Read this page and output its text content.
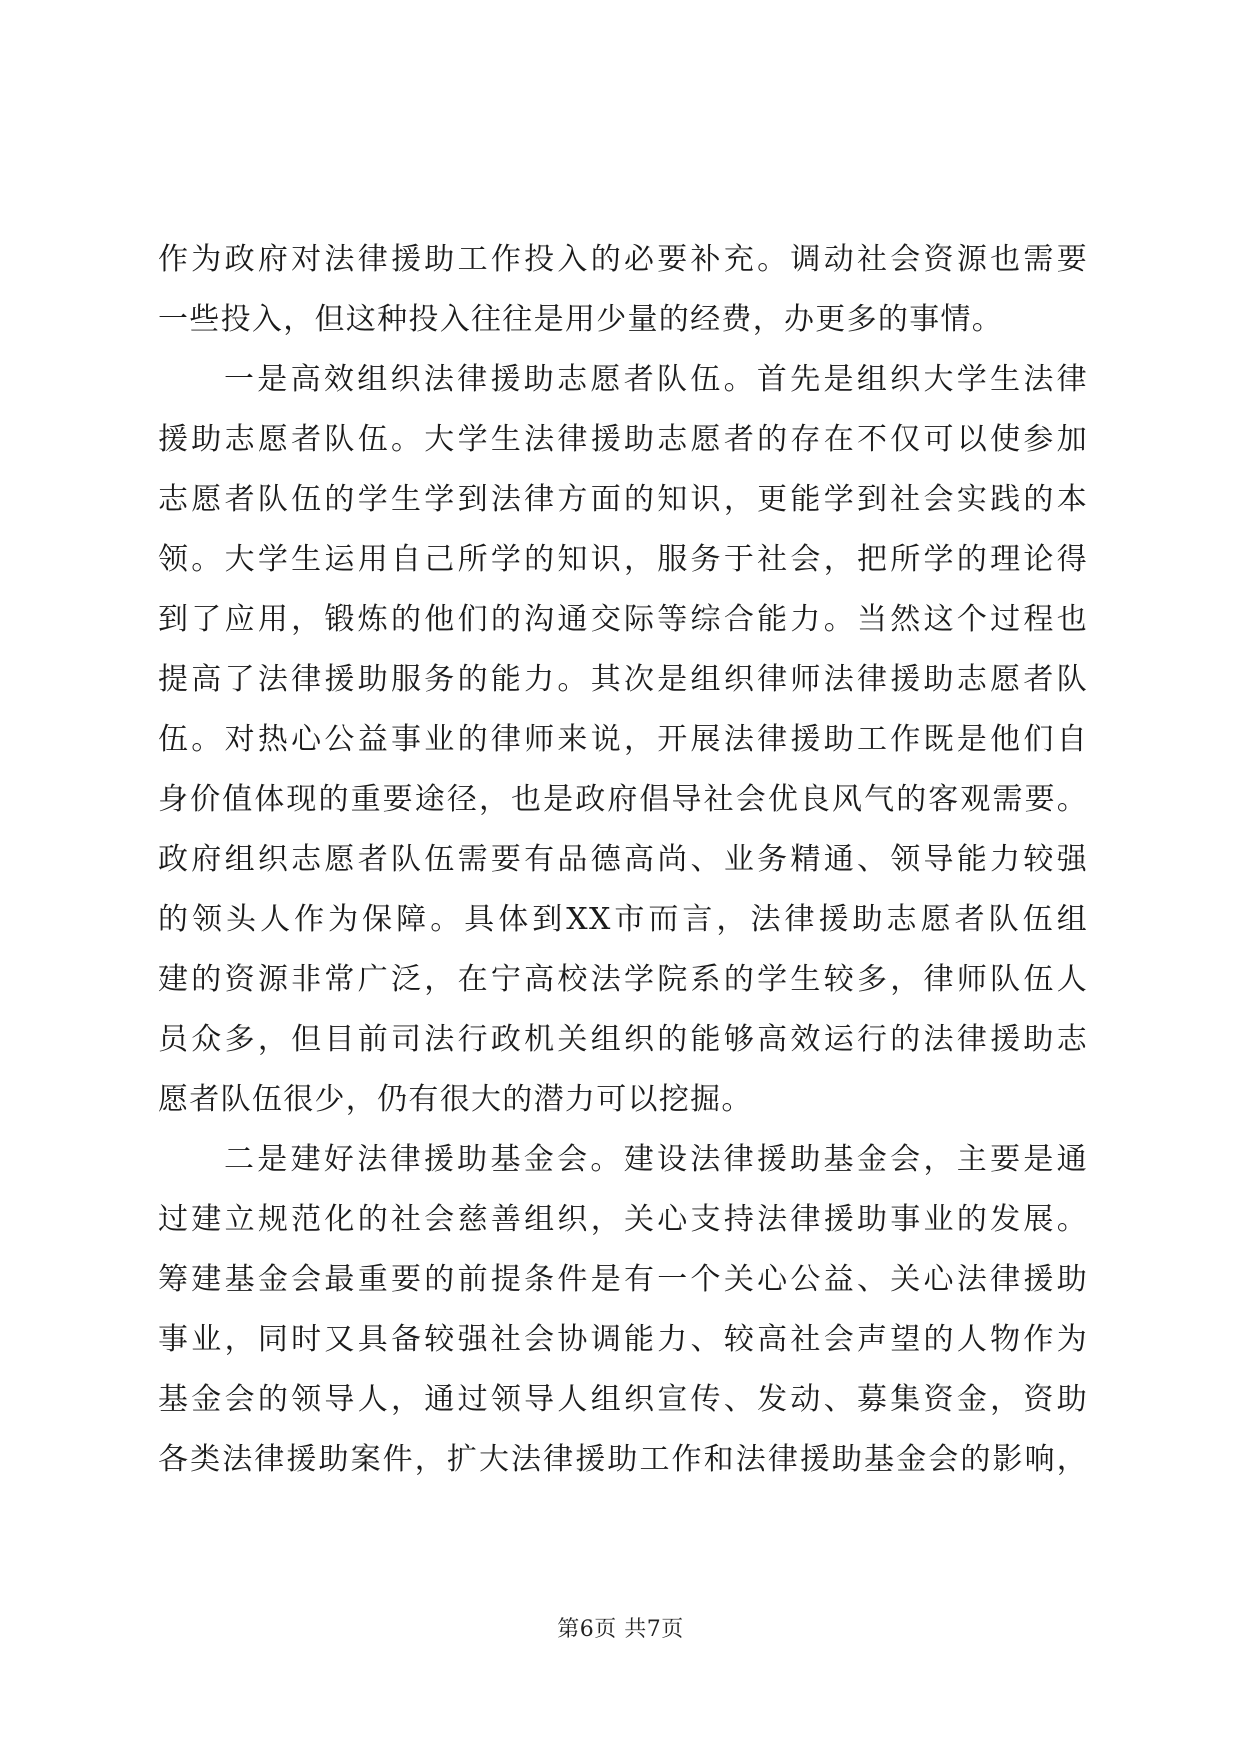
作为政府对法律援助工作投入的必要补充。调动社会资源也需要
一些投入，但这种投入往往是用少量的经费，办更多的事情。
一是高效组织法律援助志愿者队伍。首先是组织大学生法律
援助志愿者队伍。大学生法律援助志愿者的存在不仅可以使参加
志愿者队伍的学生学到法律方面的知识，更能学到社会实践的本
领。大学生运用自己所学的知识，服务于社会，把所学的理论得
到了应用，锻炼的他们的沟通交际等综合能力。当然这个过程也
提高了法律援助服务的能力。其次是组织律师法律援助志愿者队
伍。对热心公益事业的律师来说，开展法律援助工作既是他们自
身价值体现的重要途径，也是政府倡导社会优良风气的客观需要。
政府组织志愿者队伍需要有品德高尚、业务精通、领导能力较强
的领头人作为保障。具体到XX市而言，法律援助志愿者队伍组
建的资源非常广泛，在宁高校法学院系的学生较多，律师队伍人
员众多，但目前司法行政机关组织的能够高效运行的法律援助志
愿者队伍很少，仍有很大的潜力可以挖掘。
二是建好法律援助基金会。建设法律援助基金会，主要是通
过建立规范化的社会慈善组织，关心支持法律援助事业的发展。
筹建基金会最重要的前提条件是有一个关心公益、关心法律援助
事业，同时又具备较强社会协调能力、较高社会声望的人物作为
基金会的领导人，通过领导人组织宣传、发动、募集资金，资助
各类法律援助案件，扩大法律援助工作和法律援助基金会的影响，
第6页 共7页
